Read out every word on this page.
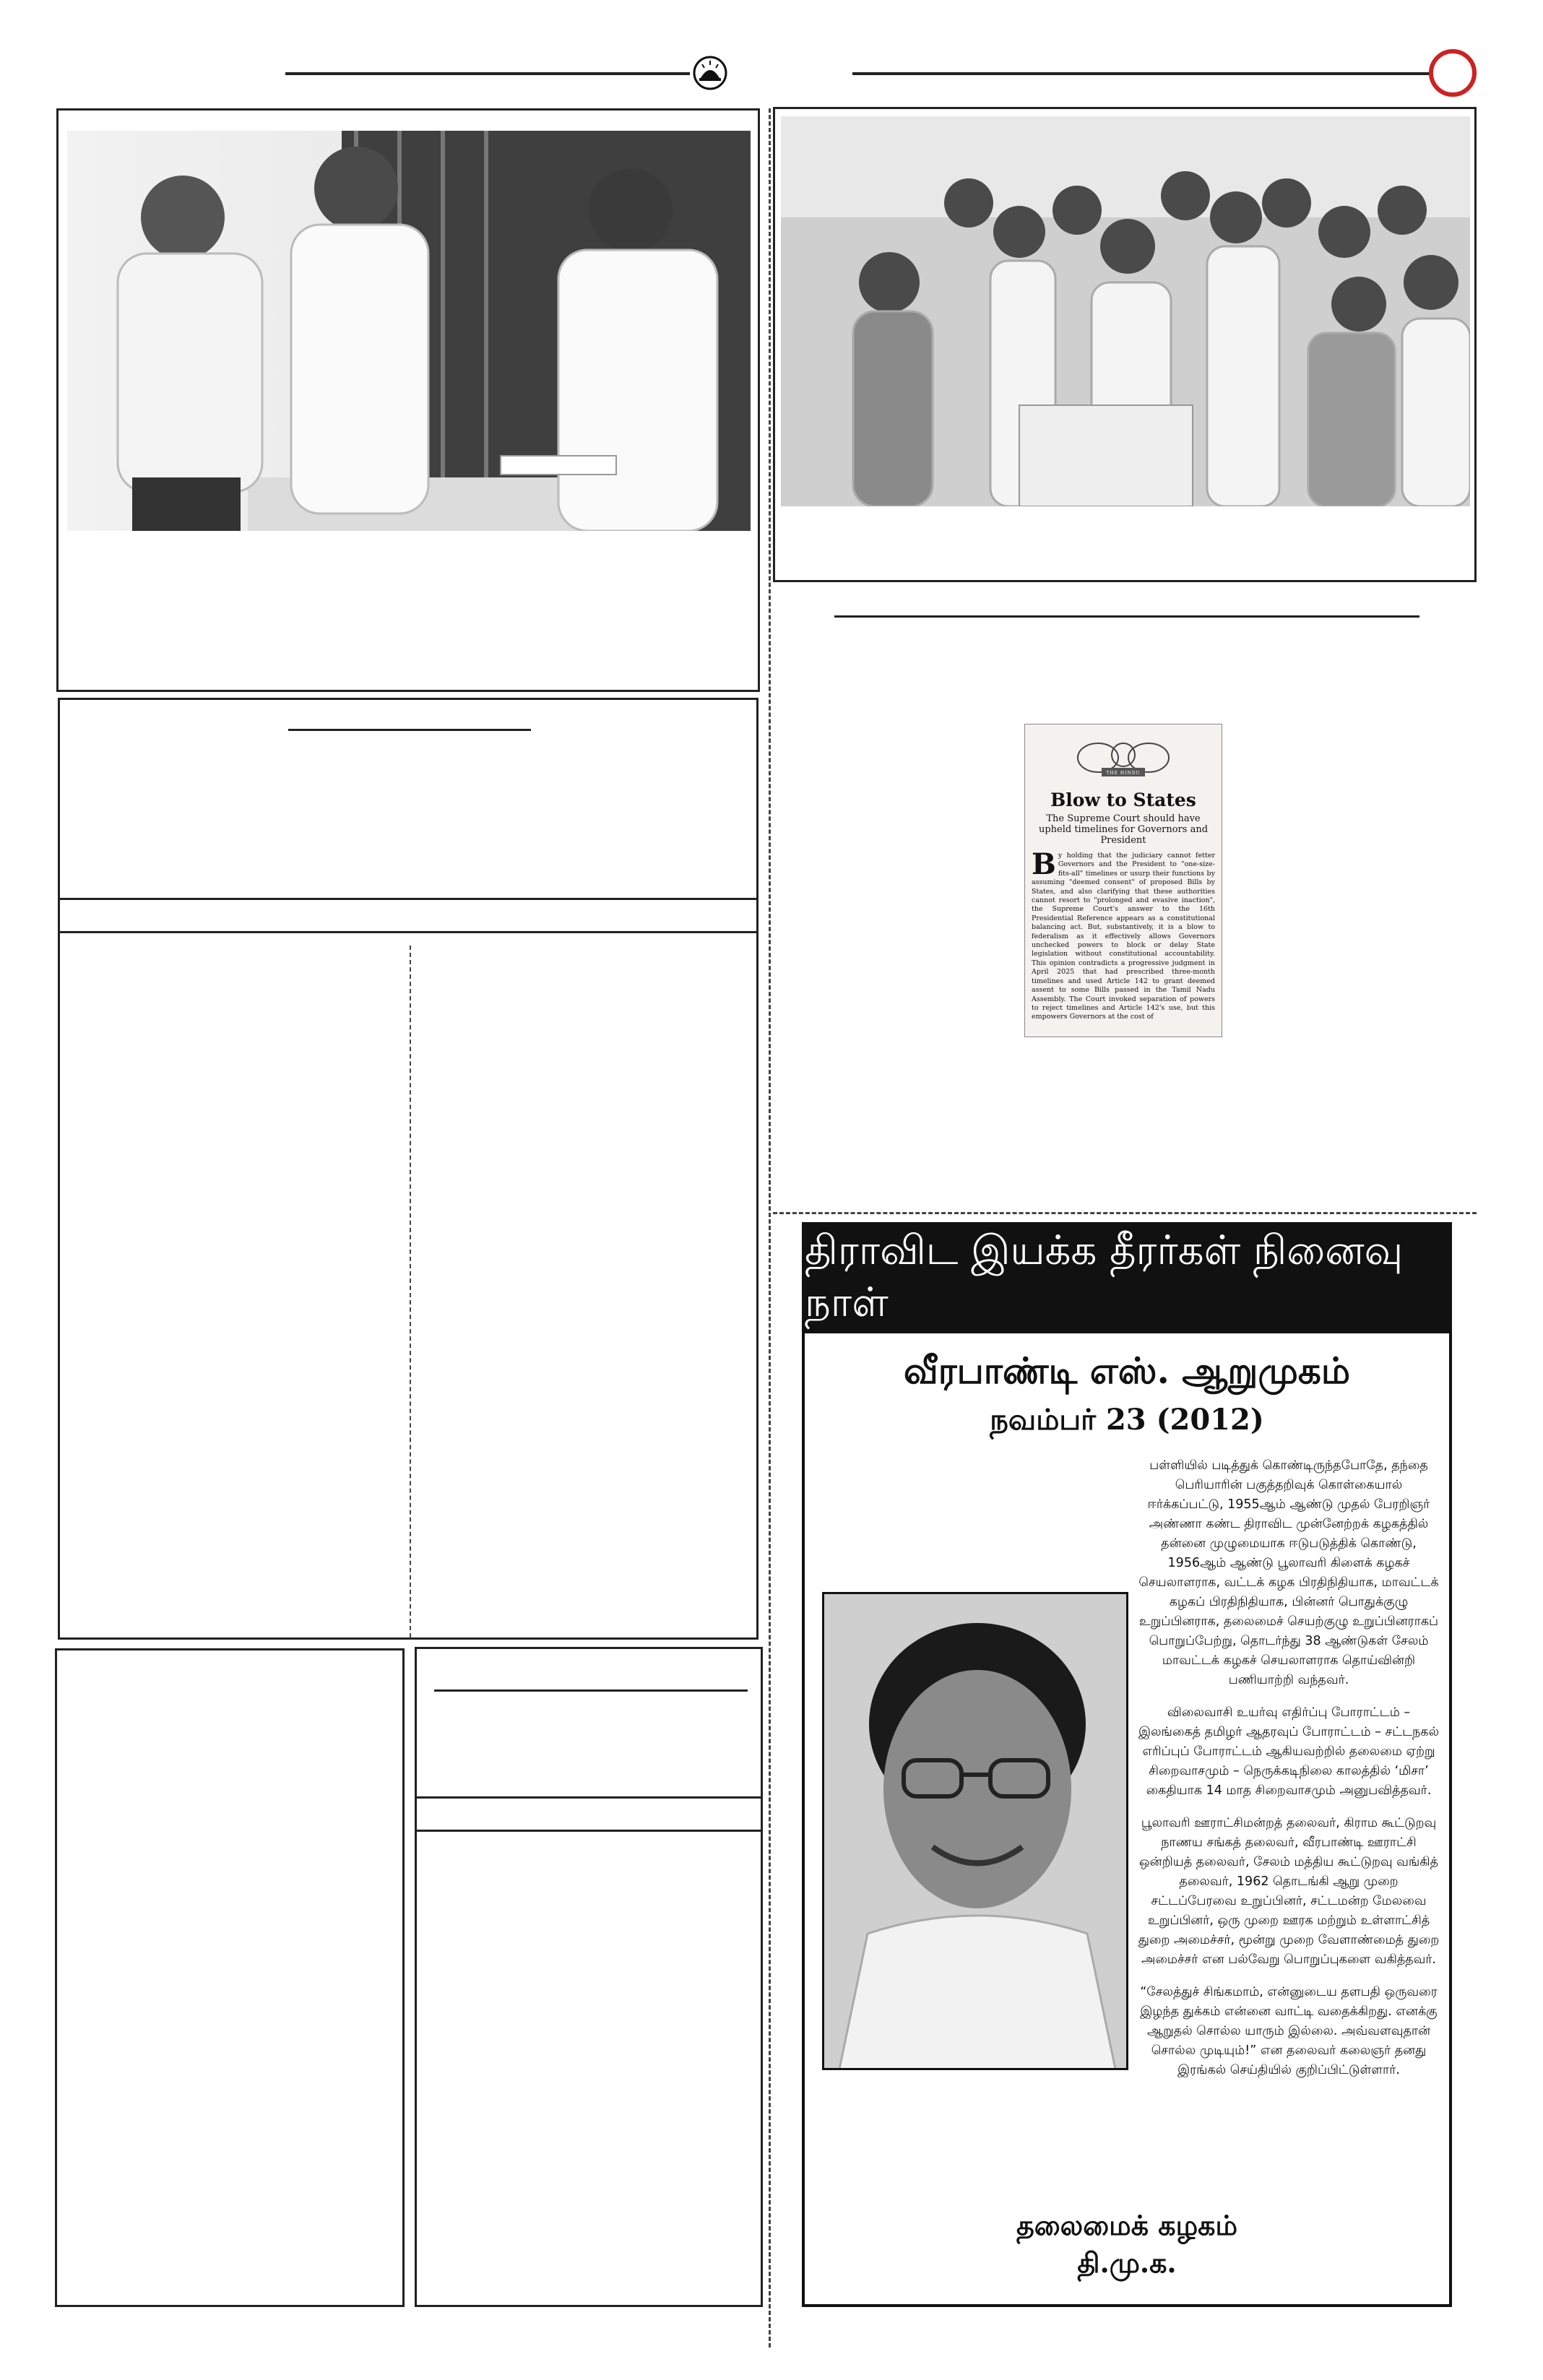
THE HINDU
Blow to States
The Supreme Court should have upheld timelines for Governors and President
B y holding that the judiciary cannot fetter Governors and the President to "one-size-fits-all" timelines or usurp their functions by assuming "deemed consent" of proposed Bills by States, and also clarifying that these authorities cannot resort to "prolonged and evasive inaction", the Supreme Court's answer to the 16th Presidential Reference appears as a constitutional balancing act. But, substantively, it is a blow to federalism as it effectively allows Governors unchecked powers to block or delay State legislation without constitutional accountability. This opinion contradicts a progressive judgment in April 2025 that had prescribed three-month timelines and used Article 142 to grant deemed assent to some Bills passed in the Tamil Nadu Assembly. The Court invoked separation of powers to reject timelines and Article 142's use, but this empowers Governors at the cost of
திராவிட இயக்க தீரர்கள் நினைவு நாள்
வீரபாண்டி எஸ். ஆறுமுகம்
நவம்பர் 23 (2012)

பள்ளியில் படித்துக் கொண்டிருந்தபோதே, தந்தை பெரியாரின் பகுத்தறிவுக் கொள்கையால் ஈர்க்கப்பட்டு, 1955ஆம் ஆண்டு முதல் பேரறிஞர் அண்ணா கண்ட திராவிட முன்னேற்றக் கழகத்தில் தன்னை முழுமையாக ஈடுபடுத்திக் கொண்டு, 1956ஆம் ஆண்டு பூலாவரி கிளைக் கழகச் செயலாளராக, வட்டக் கழக பிரதிநிதியாக, மாவட்டக் கழகப் பிரதிநிதியாக, பின்னர் பொதுக்குழு உறுப்பினராக, தலைமைச் செயற்குழு உறுப்பினராகப் பொறுப்பேற்று, தொடர்ந்து 38 ஆண்டுகள் சேலம் மாவட்டக் கழகச் செயலாளராக தொய்வின்றி பணியாற்றி வந்தவர்.

விலைவாசி உயர்வு எதிர்ப்பு போராட்டம் – இலங்கைத் தமிழர் ஆதரவுப் போராட்டம் – சட்டநகல் எரிப்புப் போராட்டம் ஆகியவற்றில் தலைமை ஏற்று சிறைவாசமும் – நெருக்கடிநிலை காலத்தில் ‘மிசா’ கைதியாக 14 மாத சிறைவாசமும் அனுபவித்தவர்.

பூலாவரி ஊராட்சிமன்றத் தலைவர், கிராம கூட்டுறவு நாணய சங்கத் தலைவர், வீரபாண்டி ஊராட்சி ஒன்றியத் தலைவர், சேலம் மத்திய கூட்டுறவு வங்கித் தலைவர், 1962 தொடங்கி ஆறு முறை சட்டப்பேரவை உறுப்பினர், சட்டமன்ற மேலவை உறுப்பினர், ஒரு முறை ஊரக மற்றும் உள்ளாட்சித் துறை அமைச்சர், மூன்று முறை வேளாண்மைத் துறை அமைச்சர் என பல்வேறு பொறுப்புகளை வகித்தவர்.

“சேலத்துச் சிங்கமாம், என்னுடைய தளபதி ஒருவரை இழந்த துக்கம் என்னை வாட்டி வதைக்கிறது. எனக்கு ஆறுதல் சொல்ல யாரும் இல்லை. அவ்வளவுதான் சொல்ல முடியும்!” என தலைவர் கலைஞர் தனது இரங்கல் செய்தியில் குறிப்பிட்டுள்ளார்.

தலைமைக் கழகம்
தி.மு.க.
